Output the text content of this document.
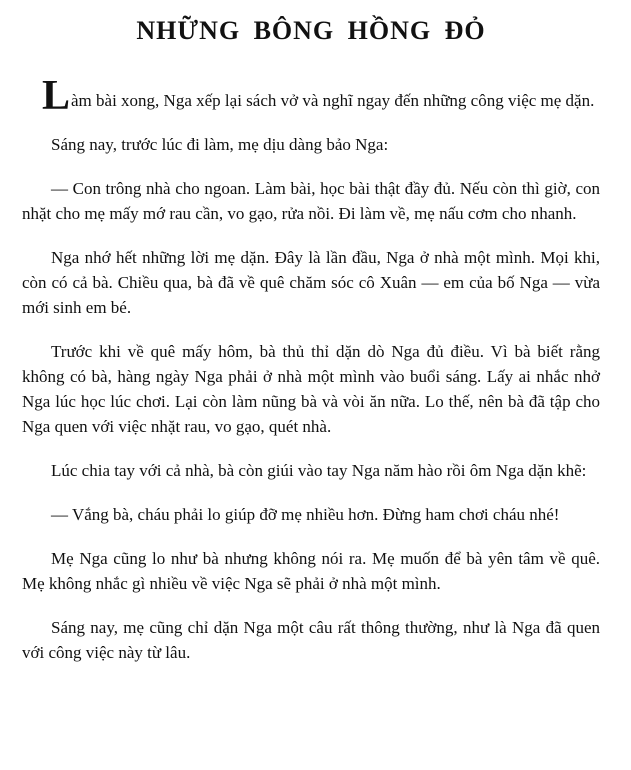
NHỮNG BÔNG HỒNG ĐỎ

Làm bài xong, Nga xếp lại sách vở và nghĩ ngay đến những công việc mẹ dặn.

Sáng nay, trước lúc đi làm, mẹ dịu dàng bảo Nga:

— Con trông nhà cho ngoan. Làm bài, học bài thật đầy đủ. Nếu còn thì giờ, con nhặt cho mẹ mấy mớ rau cần, vo gạo, rửa nồi. Đi làm về, mẹ nấu cơm cho nhanh.

Nga nhớ hết những lời mẹ dặn. Đây là lần đầu, Nga ở nhà một mình. Mọi khi, còn có cả bà. Chiều qua, bà đã về quê chăm sóc cô Xuân — em của bố Nga — vừa mới sinh em bé.

Trước khi về quê mấy hôm, bà thủ thỉ dặn dò Nga đủ điều. Vì bà biết rằng không có bà, hàng ngày Nga phải ở nhà một mình vào buổi sáng. Lấy ai nhắc nhở Nga lúc học lúc chơi. Lại còn làm nũng bà và vòi ăn nữa. Lo thế, nên bà đã tập cho Nga quen với việc nhặt rau, vo gạo, quét nhà.

Lúc chia tay với cả nhà, bà còn giúi vào tay Nga năm hào rồi ôm Nga dặn khẽ:

— Vắng bà, cháu phải lo giúp đỡ mẹ nhiều hơn. Đừng ham chơi cháu nhé!

Mẹ Nga cũng lo như bà nhưng không nói ra. Mẹ muốn để bà yên tâm về quê. Mẹ không nhắc gì nhiều về việc Nga sẽ phải ở nhà một mình.

Sáng nay, mẹ cũng chỉ dặn Nga một câu rất thông thường, như là Nga đã quen với công việc này từ lâu.
